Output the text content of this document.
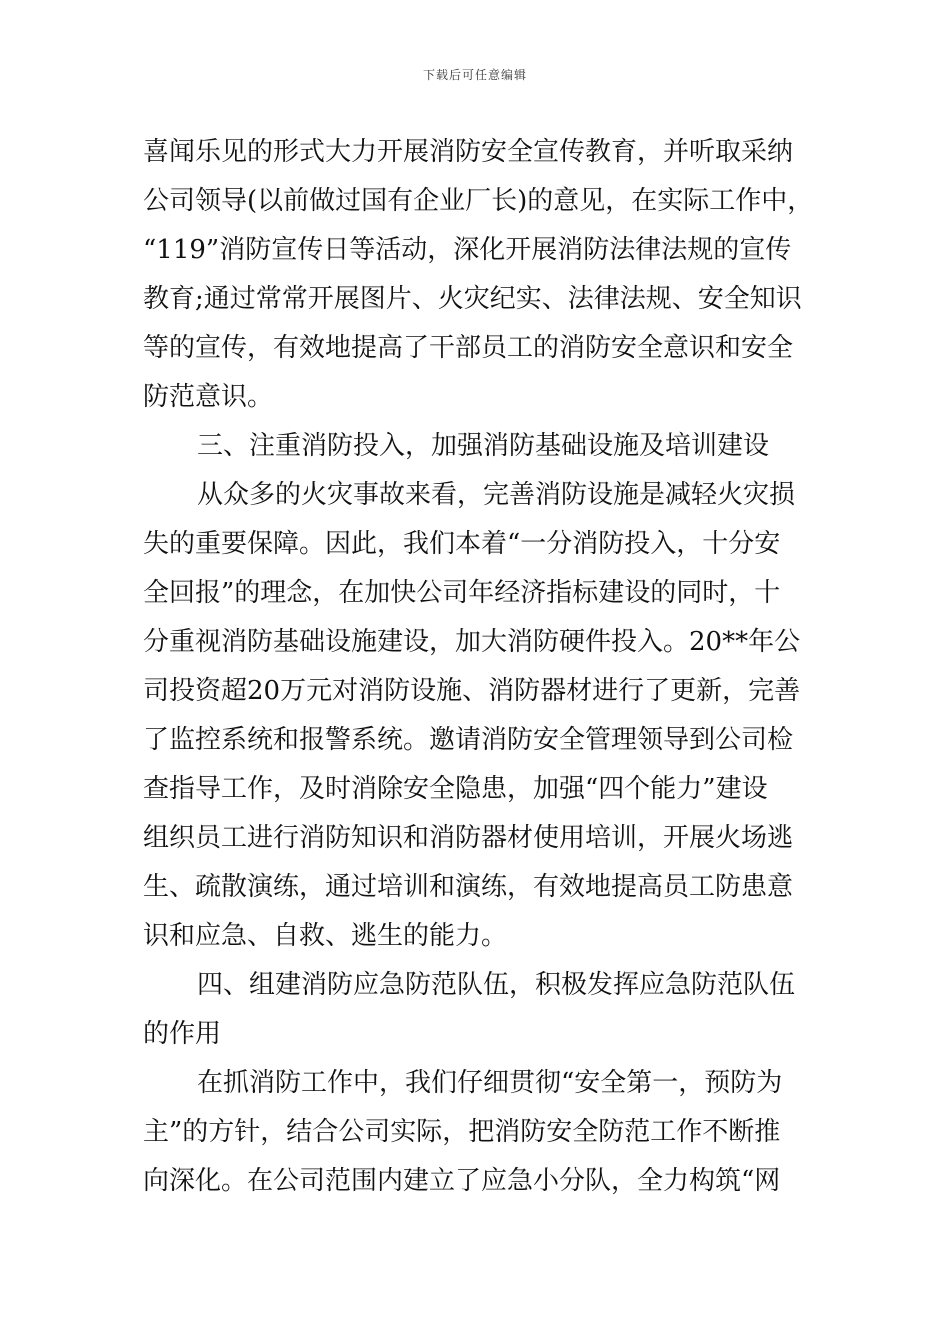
下载后可任意编辑
喜闻乐见的形式大力开展消防安全宣传教育，并听取采纳
公司领导(以前做过国有企业厂长)的意见，在实际工作中，
“119”消防宣传日等活动，深化开展消防法律法规的宣传
教育;通过常常开展图片、火灾纪实、法律法规、安全知识
等的宣传，有效地提高了干部员工的消防安全意识和安全
防范意识。
三、注重消防投入，加强消防基础设施及培训建设
从众多的火灾事故来看，完善消防设施是减轻火灾损
失的重要保障。因此，我们本着“一分消防投入，十分安
全回报”的理念，在加快公司年经济指标建设的同时，十
分重视消防基础设施建设，加大消防硬件投入。20**年公
司投资超20万元对消防设施、消防器材进行了更新，完善
了监控系统和报警系统。邀请消防安全管理领导到公司检
查指导工作，及时消除安全隐患，加强“四个能力”建设
组织员工进行消防知识和消防器材使用培训，开展火场逃
生、疏散演练，通过培训和演练，有效地提高员工防患意
识和应急、自救、逃生的能力。
四、组建消防应急防范队伍，积极发挥应急防范队伍
的作用
在抓消防工作中，我们仔细贯彻“安全第一，预防为
主”的方针，结合公司实际，把消防安全防范工作不断推
向深化。在公司范围内建立了应急小分队，全力构筑“网
